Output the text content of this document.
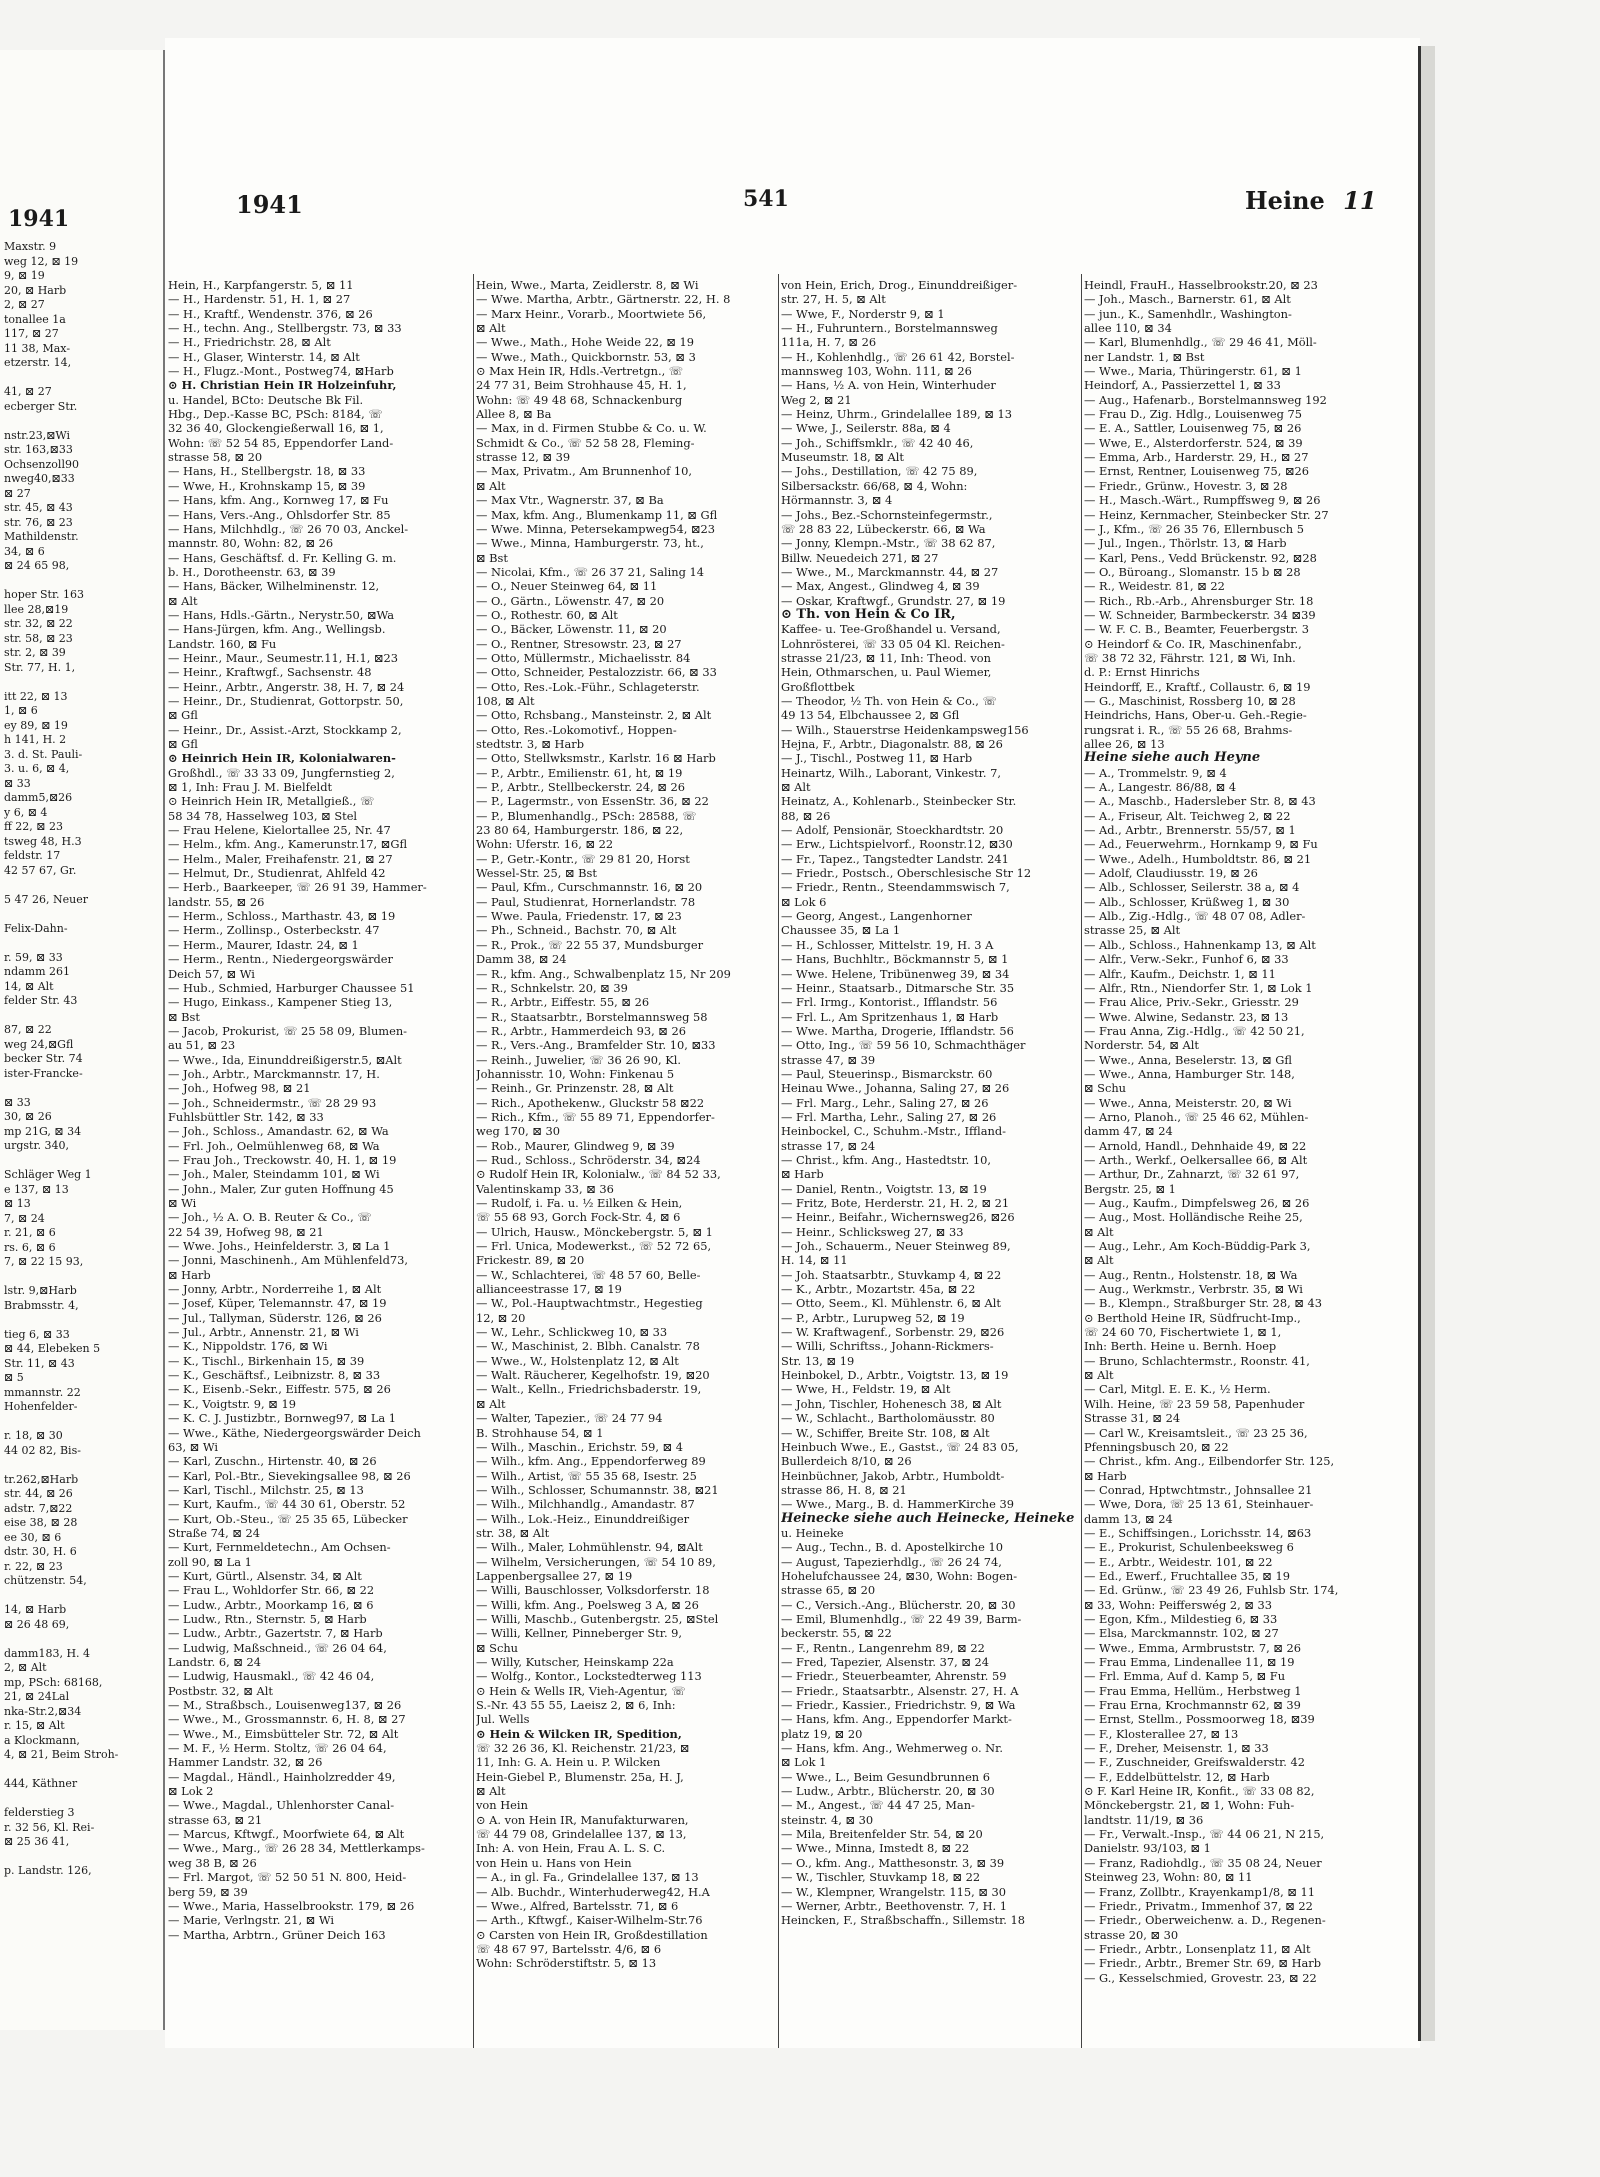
1941
Maxstr. 9
weg 12, ⊠ 19
9, ⊠ 19
20, ⊠ Harb
2, ⊠ 27
tonallee 1a
117, ⊠ 27
11 38, Max-
etzerstr. 14,

41, ⊠ 27
ecberger Str.

nstr.23,⊠Wi
str. 163,⊠33
Ochsenzoll90
nweg40,⊠33
⊠ 27
str. 45, ⊠ 43
str. 76, ⊠ 23
Mathildenstr.
34, ⊠ 6
⊠ 24 65 98,

hoper Str. 163
llee 28,⊠19
str. 32, ⊠ 22
str. 58, ⊠ 23
str. 2, ⊠ 39
Str. 77, H. 1,

itt 22, ⊠ 13
1, ⊠ 6
ey 89, ⊠ 19
h 141, H. 2
3. d. St. Pauli-
3. u. 6, ⊠ 4,
⊠ 33
damm5,⊠26
y 6, ⊠ 4
ff 22, ⊠ 23
tsweg 48, H.3
feldstr. 17
42 57 67, Gr.

5 47 26, Neuer

Felix-Dahn-

r. 59, ⊠ 33
ndamm 261
14, ⊠ Alt
felder Str. 43

87, ⊠ 22
weg 24,⊠Gfl
becker Str. 74
ister-Francke-

⊠ 33
30, ⊠ 26
mp 21G, ⊠ 34
urgstr. 340,

Schläger Weg 1
e 137, ⊠ 13
⊠ 13
7, ⊠ 24
r. 21, ⊠ 6
rs. 6, ⊠ 6
7, ⊠ 22 15 93,

lstr. 9,⊠Harb
Brabmsstr. 4,

tieg 6, ⊠ 33
⊠ 44, Elebeken 5
Str. 11, ⊠ 43
⊠ 5
mmannstr. 22
Hohenfelder-

r. 18, ⊠ 30
44 02 82, Bis-

tr.262,⊠Harb
str. 44, ⊠ 26
adstr. 7,⊠22
eise 38, ⊠ 28
ee 30, ⊠ 6
dstr. 30, H. 6
r. 22, ⊠ 23
chützenstr. 54,

14, ⊠ Harb
⊠ 26 48 69,

damm183, H. 4
2, ⊠ Alt
mp, PSch: 68168,
21, ⊠ 24Lal
nka-Str.2,⊠34
r. 15, ⊠ Alt
a Klockmann,
4, ⊠ 21, Beim Stroh-

444, Käthner

felderstieg 3
r. 32 56, Kl. Rei-
⊠ 25 36 41,

p. Landstr. 126,
1941	541	Heine 11
Hein, H., Karpfangerstr. 5, ⊠ 11
— H., Hardenstr. 51, H. 1, ⊠ 27
— H., Kraftf., Wendenstr. 376, ⊠ 26
— H., techn. Ang., Stellbergstr. 73, ⊠ 33
— H., Friedrichstr. 28, ⊠ Alt
— H., Glaser, Winterstr. 14, ⊠ Alt
— H., Flugz.-Mont., Postweg74, ⊠Harb
⊙ H. Christian Hein IR Holzeinfuhr,
u. Handel, BCto: Deutsche Bk Fil.
Hbg., Dep.-Kasse BC, PSch: 8184, ☏
32 36 40, Glockengießerwall 16, ⊠ 1,
Wohn: ☏ 52 54 85, Eppendorfer Land-
strasse 58, ⊠ 20
— Hans, H., Stellbergstr. 18, ⊠ 33
— Wwe, H., Krohnskamp 15, ⊠ 39
— Hans, kfm. Ang., Kornweg 17, ⊠ Fu
— Hans, Vers.-Ang., Ohlsdorfer Str. 85
— Hans, Milchhdlg., ☏ 26 70 03, Anckel-
mannstr. 80, Wohn: 82, ⊠ 26
— Hans, Geschäftsf. d. Fr. Kelling G. m.
b. H., Dorotheenstr. 63, ⊠ 39
— Hans, Bäcker, Wilhelminenstr. 12,
⊠ Alt
— Hans, Hdls.-Gärtn., Nerystr.50, ⊠Wa
— Hans-Jürgen, kfm. Ang., Wellingsb.
Landstr. 160, ⊠ Fu
— Heinr., Maur., Seumestr.11, H.1, ⊠23
— Heinr., Kraftwgf., Sachsenstr. 48
— Heinr., Arbtr., Angerstr. 38, H. 7, ⊠ 24
— Heinr., Dr., Studienrat, Gottorpstr. 50,
⊠ Gfl
— Heinr., Dr., Assist.-Arzt, Stockkamp 2,
⊠ Gfl
⊙ Heinrich Hein IR, Kolonialwaren-
Großhdl., ☏ 33 33 09, Jungfernstieg 2,
⊠ 1, Inh: Frau J. M. Bielfeldt
⊙ Heinrich Hein IR, Metallgieß., ☏
58 34 78, Hasselweg 103, ⊠ Stel
— Frau Helene, Kielortallee 25, Nr. 47
— Helm., kfm. Ang., Kamerunstr.17, ⊠Gfl
— Helm., Maler, Freihafenstr. 21, ⊠ 27
— Helmut, Dr., Studienrat, Ahlfeld 42
— Herb., Baarkeeper, ☏ 26 91 39, Hammer-
landstr. 55, ⊠ 26
— Herm., Schloss., Marthastr. 43, ⊠ 19
— Herm., Zollinsp., Osterbeckstr. 47
— Herm., Maurer, Idastr. 24, ⊠ 1
— Herm., Rentn., Niedergeorgswärder
Deich 57, ⊠ Wi
— Hub., Schmied, Harburger Chaussee 51
— Hugo, Einkass., Kampener Stieg 13,
⊠ Bst
— Jacob, Prokurist, ☏ 25 58 09, Blumen-
au 51, ⊠ 23
— Wwe., Ida, Einunddreißigerstr.5, ⊠Alt
— Joh., Arbtr., Marckmannstr. 17, H.
— Joh., Hofweg 98, ⊠ 21
— Joh., Schneidermstr., ☏ 28 29 93
Fuhlsbüttler Str. 142, ⊠ 33
— Joh., Schloss., Amandastr. 62, ⊠ Wa
— Frl. Joh., Oelmühlenweg 68, ⊠ Wa
— Frau Joh., Treckowstr. 40, H. 1, ⊠ 19
— Joh., Maler, Steindamm 101, ⊠ Wi
— John., Maler, Zur guten Hoffnung 45
⊠ Wi
— Joh., ½ A. O. B. Reuter & Co., ☏
22 54 39, Hofweg 98, ⊠ 21
— Wwe. Johs., Heinfelderstr. 3, ⊠ La 1
— Jonni, Maschinenh., Am Mühlenfeld73,
⊠ Harb
— Jonny, Arbtr., Norderreihe 1, ⊠ Alt
— Josef, Küper, Telemannstr. 47, ⊠ 19
— Jul., Tallyman, Süderstr. 126, ⊠ 26
— Jul., Arbtr., Annenstr. 21, ⊠ Wi
— K., Nippoldstr. 176, ⊠ Wi
— K., Tischl., Birkenhain 15, ⊠ 39
— K., Geschäftsf., Leibnizstr. 8, ⊠ 33
— K., Eisenb.-Sekr., Eiffestr. 575, ⊠ 26
— K., Voigtstr. 9, ⊠ 19
— K. C. J. Justizbtr., Bornweg97, ⊠ La 1
— Wwe., Käthe, Niedergeorgswärder Deich
63, ⊠ Wi
— Karl, Zuschn., Hirtenstr. 40, ⊠ 26
— Karl, Pol.-Btr., Sievekingsallee 98, ⊠ 26
— Karl, Tischl., Milchstr. 25, ⊠ 13
— Kurt, Kaufm., ☏ 44 30 61, Oberstr. 52
— Kurt, Ob.-Steu., ☏ 25 35 65, Lübecker
Straße 74, ⊠ 24
— Kurt, Fernmeldetechn., Am Ochsen-
zoll 90, ⊠ La 1
— Kurt, Gürtl., Alsenstr. 34, ⊠ Alt
— Frau L., Wohldorfer Str. 66, ⊠ 22
— Ludw., Arbtr., Moorkamp 16, ⊠ 6
— Ludw., Rtn., Sternstr. 5, ⊠ Harb
— Ludw., Arbtr., Gazertstr. 7, ⊠ Harb
— Ludwig, Maßschneid., ☏ 26 04 64,
Landstr. 6, ⊠ 24
— Ludwig, Hausmakl., ☏ 42 46 04,
Postbstr. 32, ⊠ Alt
— M., Straßbsch., Louisenweg137, ⊠ 26
— Wwe., M., Grossmannstr. 6, H. 8, ⊠ 27
— Wwe., M., Eimsbütteler Str. 72, ⊠ Alt
— M. F., ½ Herm. Stoltz, ☏ 26 04 64,
Hammer Landstr. 32, ⊠ 26
— Magdal., Händl., Hainholzredder 49,
⊠ Lok 2
— Wwe., Magdal., Uhlenhorster Canal-
strasse 63, ⊠ 21
— Marcus, Kftwgf., Moorfwiete 64, ⊠ Alt
— Wwe., Marg., ☏ 26 28 34, Mettlerkamps-
weg 38 B, ⊠ 26
— Frl. Margot, ☏ 52 50 51 N. 800, Heid-
berg 59, ⊠ 39
— Wwe., Maria, Hasselbrookstr. 179, ⊠ 26
— Marie, Verlngstr. 21, ⊠ Wi
— Martha, Arbtrn., Grüner Deich 163
Hein, Wwe., Marta, Zeidlerstr. 8, ⊠ Wi
— Wwe. Martha, Arbtr., Gärtnerstr. 22, H. 8
— Marx Heinr., Vorarb., Moortwiete 56,
⊠ Alt
— Wwe., Math., Hohe Weide 22, ⊠ 19
— Wwe., Math., Quickbornstr. 53, ⊠ 3
⊙ Max Hein IR, Hdls.-Vertretgn., ☏
24 77 31, Beim Strohhause 45, H. 1,
Wohn: ☏ 49 48 68, Schnackenburg
Allee 8, ⊠ Ba
— Max, in d. Firmen Stubbe & Co. u. W.
Schmidt & Co., ☏ 52 58 28, Fleming-
strasse 12, ⊠ 39
— Max, Privatm., Am Brunnenhof 10,
⊠ Alt
— Max Vtr., Wagnerstr. 37, ⊠ Ba
— Max, kfm. Ang., Blumenkamp 11, ⊠ Gfl
— Wwe. Minna, Petersekampweg54, ⊠23
— Wwe., Minna, Hamburgerstr. 73, ht.,
⊠ Bst
— Nicolai, Kfm., ☏ 26 37 21, Saling 14
— O., Neuer Steinweg 64, ⊠ 11
— O., Gärtn., Löwenstr. 47, ⊠ 20
— O., Rothestr. 60, ⊠ Alt
— O., Bäcker, Löwenstr. 11, ⊠ 20
— O., Rentner, Stresowstr. 23, ⊠ 27
— Otto, Müllermstr., Michaelisstr. 84
— Otto, Schneider, Pestalozzistr. 66, ⊠ 33
— Otto, Res.-Lok.-Führ., Schlageterstr.
108, ⊠ Alt
— Otto, Rchsbang., Mansteinstr. 2, ⊠ Alt
— Otto, Res.-Lokomotivf., Hoppen-
stedtstr. 3, ⊠ Harb
— Otto, Stellwksmstr., Karlstr. 16 ⊠ Harb
— P., Arbtr., Emilienstr. 61, ht, ⊠ 19
— P., Arbtr., Stellbeckerstr. 24, ⊠ 26
— P., Lagermstr., von EssenStr. 36, ⊠ 22
— P., Blumenhandlg., PSch: 28588, ☏
23 80 64, Hamburgerstr. 186, ⊠ 22,
Wohn: Uferstr. 16, ⊠ 22
— P., Getr.-Kontr., ☏ 29 81 20, Horst
Wessel-Str. 25, ⊠ Bst
— Paul, Kfm., Curschmannstr. 16, ⊠ 20
— Paul, Studienrat, Hornerlandstr. 78
— Wwe. Paula, Friedenstr. 17, ⊠ 23
— Ph., Schneid., Bachstr. 70, ⊠ Alt
— R., Prok., ☏ 22 55 37, Mundsburger
Damm 38, ⊠ 24
— R., kfm. Ang., Schwalbenplatz 15, Nr 209
— R., Schnkelstr. 20, ⊠ 39
— R., Arbtr., Eiffestr. 55, ⊠ 26
— R., Staatsarbtr., Borstelmannsweg 58
— R., Arbtr., Hammerdeich 93, ⊠ 26
— R., Vers.-Ang., Bramfelder Str. 10, ⊠33
— Reinh., Juwelier, ☏ 36 26 90, Kl.
Johannisstr. 10, Wohn: Finkenau 5
— Reinh., Gr. Prinzenstr. 28, ⊠ Alt
— Rich., Apothekenw., Gluckstr 58 ⊠22
— Rich., Kfm., ☏ 55 89 71, Eppendorfer-
weg 170, ⊠ 30
— Rob., Maurer, Glindweg 9, ⊠ 39
— Rud., Schloss., Schröderstr. 34, ⊠24
⊙ Rudolf Hein IR, Kolonialw., ☏ 84 52 33,
Valentinskamp 33, ⊠ 36
— Rudolf, i. Fa. u. ½ Eilken & Hein,
☏ 55 68 93, Gorch Fock-Str. 4, ⊠ 6
— Ulrich, Hausw., Mönckebergstr. 5, ⊠ 1
— Frl. Unica, Modewerkst., ☏ 52 72 65,
Frickestr. 89, ⊠ 20
— W., Schlachterei, ☏ 48 57 60, Belle-
allianceestrasse 17, ⊠ 19
— W., Pol.-Hauptwachtmstr., Hegestieg
12, ⊠ 20
— W., Lehr., Schlickweg 10, ⊠ 33
— W., Maschinist, 2. Blbh. Canalstr. 78
— Wwe., W., Holstenplatz 12, ⊠ Alt
— Walt. Räucherer, Kegelhofstr. 19, ⊠20
— Walt., Kelln., Friedrichsbaderstr. 19,
⊠ Alt
— Walter, Tapezier., ☏ 24 77 94
B. Strohhause 54, ⊠ 1
— Wilh., Maschin., Erichstr. 59, ⊠ 4
— Wilh., kfm. Ang., Eppendorferweg 89
— Wilh., Artist, ☏ 55 35 68, Isestr. 25
— Wilh., Schlosser, Schumannstr. 38, ⊠21
— Wilh., Milchhandlg., Amandastr. 87
— Wilh., Lok.-Heiz., Einunddreißiger
str. 38, ⊠ Alt
— Wilh., Maler, Lohmühlenstr. 94, ⊠Alt
— Wilhelm, Versicherungen, ☏ 54 10 89,
Lappenbergsallee 27, ⊠ 19
— Willi, Bauschlosser, Volksdorferstr. 18
— Willi, kfm. Ang., Poelsweg 3 A, ⊠ 26
— Willi, Maschb., Gutenbergstr. 25, ⊠Stel
— Willi, Kellner, Pinneberger Str. 9,
⊠ Schu
— Willy, Kutscher, Heinskamp 22a
— Wolfg., Kontor., Lockstedterweg 113
⊙ Hein & Wells IR, Vieh-Agentur, ☏
S.-Nr. 43 55 55, Laeisz 2, ⊠ 6, Inh:
Jul. Wells
⊙ Hein & Wilcken IR, Spedition,
☏ 32 26 36, Kl. Reichenstr. 21/23, ⊠
11, Inh: G. A. Hein u. P. Wilcken
Hein-Giebel P., Blumenstr. 25a, H. J,
⊠ Alt
von Hein
⊙ A. von Hein IR, Manufakturwaren,
☏ 44 79 08, Grindelallee 137, ⊠ 13,
Inh: A. von Hein, Frau A. L. S. C.
von Hein u. Hans von Hein
— A., in gl. Fa., Grindelallee 137, ⊠ 13
— Alb. Buchdr., Winterhuderweg42, H.A
— Wwe., Alfred, Bartelsstr. 71, ⊠ 6
— Arth., Kftwgf., Kaiser-Wilhelm-Str.76
⊙ Carsten von Hein IR, Großdestillation
☏ 48 67 97, Bartelsstr. 4/6, ⊠ 6
Wohn: Schröderstiftstr. 5, ⊠ 13
von Hein, Erich, Drog., Einunddreißiger-
str. 27, H. 5, ⊠ Alt
— Wwe, F., Norderstr 9, ⊠ 1
— H., Fuhruntern., Borstelmannsweg
111a, H. 7, ⊠ 26
— H., Kohlenhdlg., ☏ 26 61 42, Borstel-
mannsweg 103, Wohn. 111, ⊠ 26
— Hans, ½ A. von Hein, Winterhuder
Weg 2, ⊠ 21
— Heinz, Uhrm., Grindelallee 189, ⊠ 13
— Wwe, J., Seilerstr. 88a, ⊠ 4
— Joh., Schiffsmklr., ☏ 42 40 46,
Museumstr. 18, ⊠ Alt
— Johs., Destillation, ☏ 42 75 89,
Silbersackstr. 66/68, ⊠ 4, Wohn:
Hörmannstr. 3, ⊠ 4
— Johs., Bez.-Schornsteinfegermstr.,
☏ 28 83 22, Lübeckerstr. 66, ⊠ Wa
— Jonny, Klempn.-Mstr., ☏ 38 62 87,
Billw. Neuedeich 271, ⊠ 27
— Wwe., M., Marckmannstr. 44, ⊠ 27
— Max, Angest., Glindweg 4, ⊠ 39
— Oskar, Kraftwgf., Grundstr. 27, ⊠ 19
⊙ Th. von Hein & Co IR,
Kaffee- u. Tee-Großhandel u. Versand,
Lohnrösterei, ☏ 33 05 04 Kl. Reichen-
strasse 21/23, ⊠ 11, Inh: Theod. von
Hein, Othmarschen, u. Paul Wiemer,
Großflottbek
— Theodor, ½ Th. von Hein & Co., ☏
49 13 54, Elbchaussee 2, ⊠ Gfl
— Wilh., Stauerstrse Heidenkampsweg156
Hejna, F., Arbtr., Diagonalstr. 88, ⊠ 26
— J., Tischl., Postweg 11, ⊠ Harb
Heinartz, Wilh., Laborant, Vinkestr. 7,
⊠ Alt
Heinatz, A., Kohlenarb., Steinbecker Str.
88, ⊠ 26
— Adolf, Pensionär, Stoeckhardtstr. 20
— Erw., Lichtspielvorf., Roonstr.12, ⊠30
— Fr., Tapez., Tangstedter Landstr. 241
— Friedr., Postsch., Oberschlesische Str 12
— Friedr., Rentn., Steendammswisch 7,
⊠ Lok 6
— Georg, Angest., Langenhorner
Chaussee 35, ⊠ La 1
— H., Schlosser, Mittelstr. 19, H. 3 A
— Hans, Buchhltr., Böckmannstr 5, ⊠ 1
— Wwe. Helene, Tribünenweg 39, ⊠ 34
— Heinr., Staatsarb., Ditmarsche Str. 35
— Frl. Irmg., Kontorist., Ifflandstr. 56
— Frl. L., Am Spritzenhaus 1, ⊠ Harb
— Wwe. Martha, Drogerie, Ifflandstr. 56
— Otto, Ing., ☏ 59 56 10, Schmachthäger
strasse 47, ⊠ 39
— Paul, Steuerinsp., Bismarckstr. 60
Heinau Wwe., Johanna, Saling 27, ⊠ 26
— Frl. Marg., Lehr., Saling 27, ⊠ 26
— Frl. Martha, Lehr., Saling 27, ⊠ 26
Heinbockel, C., Schuhm.-Mstr., Iffland-
strasse 17, ⊠ 24
— Christ., kfm. Ang., Hastedtstr. 10,
⊠ Harb
— Daniel, Rentn., Voigtstr. 13, ⊠ 19
— Fritz, Bote, Herderstr. 21, H. 2, ⊠ 21
— Heinr., Beifahr., Wichernsweg26, ⊠26
— Heinr., Schlicksweg 27, ⊠ 33
— Joh., Schauerm., Neuer Steinweg 89,
H. 14, ⊠ 11
— Joh. Staatsarbtr., Stuvkamp 4, ⊠ 22
— K., Arbtr., Mozartstr. 45a, ⊠ 22
— Otto, Seem., Kl. Mühlenstr. 6, ⊠ Alt
— P., Arbtr., Lurupweg 52, ⊠ 19
— W. Kraftwagenf., Sorbenstr. 29, ⊠26
— Willi, Schriftss., Johann-Rickmers-
Str. 13, ⊠ 19
Heinbokel, D., Arbtr., Voigtstr. 13, ⊠ 19
— Wwe, H., Feldstr. 19, ⊠ Alt
— John, Tischler, Hohenesch 38, ⊠ Alt
— W., Schlacht., Bartholomäusstr. 80
— W., Schiffer, Breite Str. 108, ⊠ Alt
Heinbuch Wwe., E., Gastst., ☏ 24 83 05,
Bullerdeich 8/10, ⊠ 26
Heinbüchner, Jakob, Arbtr., Humboldt-
strasse 86, H. 8, ⊠ 21
— Wwe., Marg., B. d. HammerKirche 39
Heinecke siehe auch Heinecke, Heineke
u. Heineke
— Aug., Techn., B. d. Apostelkirche 10
— August, Tapezierhdlg., ☏ 26 24 74,
Hohelufchaussee 24, ⊠30, Wohn: Bogen-
strasse 65, ⊠ 20
— C., Versich.-Ang., Blücherstr. 20, ⊠ 30
— Emil, Blumenhdlg., ☏ 22 49 39, Barm-
beckerstr. 55, ⊠ 22
— F., Rentn., Langenrehm 89, ⊠ 22
— Fred, Tapezier, Alsenstr. 37, ⊠ 24
— Friedr., Steuerbeamter, Ahrenstr. 59
— Friedr., Staatsarbtr., Alsenstr. 27, H. A
— Friedr., Kassier., Friedrichstr. 9, ⊠ Wa
— Hans, kfm. Ang., Eppendorfer Markt-
platz 19, ⊠ 20
— Hans, kfm. Ang., Wehmerweg o. Nr.
⊠ Lok 1
— Wwe., L., Beim Gesundbrunnen 6
— Ludw., Arbtr., Blücherstr. 20, ⊠ 30
— M., Angest., ☏ 44 47 25, Man-
steinstr. 4, ⊠ 30
— Mila, Breitenfelder Str. 54, ⊠ 20
— Wwe., Minna, Imstedt 8, ⊠ 22
— O., kfm. Ang., Matthesonstr. 3, ⊠ 39
— W., Tischler, Stuvkamp 18, ⊠ 22
— W., Klempner, Wrangelstr. 115, ⊠ 30
— Werner, Arbtr., Beethovenstr. 7, H. 1
Heincken, F., Straßbschaffn., Sillemstr. 18
Heindl, FrauH., Hasselbrookstr.20, ⊠ 23
— Joh., Masch., Barnerstr. 61, ⊠ Alt
— jun., K., Samenhdlr., Washington-
allee 110, ⊠ 34
— Karl, Blumenhdlg., ☏ 29 46 41, Möll-
ner Landstr. 1, ⊠ Bst
— Wwe., Maria, Thüringerstr. 61, ⊠ 1
Heindorf, A., Passierzettel 1, ⊠ 33
— Aug., Hafenarb., Borstelmannsweg 192
— Frau D., Zig. Hdlg., Louisenweg 75
— E. A., Sattler, Louisenweg 75, ⊠ 26
— Wwe, E., Alsterdorferstr. 524, ⊠ 39
— Emma, Arb., Harderstr. 29, H., ⊠ 27
— Ernst, Rentner, Louisenweg 75, ⊠26
— Friedr., Grünw., Hovestr. 3, ⊠ 28
— H., Masch.-Wärt., Rumpffsweg 9, ⊠ 26
— Heinz, Kernmacher, Steinbecker Str. 27
— J., Kfm., ☏ 26 35 76, Ellernbusch 5
— Jul., Ingen., Thörlstr. 13, ⊠ Harb
— Karl, Pens., Vedd Brückenstr. 92, ⊠28
— O., Büroang., Slomanstr. 15 b ⊠ 28
— R., Weidestr. 81, ⊠ 22
— Rich., Rb.-Arb., Ahrensburger Str. 18
— W. Schneider, Barmbeckerstr. 34 ⊠39
— W. F. C. B., Beamter, Feuerbergstr. 3
⊙ Heindorf & Co. IR, Maschinenfabr.,
☏ 38 72 32, Fährstr. 121, ⊠ Wi, Inh.
d. P.: Ernst Hinrichs
Heindorff, E., Kraftf., Collaustr. 6, ⊠ 19
— G., Maschinist, Rossberg 10, ⊠ 28
Heindrichs, Hans, Ober-u. Geh.-Regie-
rungsrat i. R., ☏ 55 26 68, Brahms-
allee 26, ⊠ 13
Heine siehe auch Heyne
— A., Trommelstr. 9, ⊠ 4
— A., Langestr. 86/88, ⊠ 4
— A., Maschb., Hadersleber Str. 8, ⊠ 43
— A., Friseur, Alt. Teichweg 2, ⊠ 22
— Ad., Arbtr., Brennerstr. 55/57, ⊠ 1
— Ad., Feuerwehrm., Hornkamp 9, ⊠ Fu
— Wwe., Adelh., Humboldtstr. 86, ⊠ 21
— Adolf, Claudiusstr. 19, ⊠ 26
— Alb., Schlosser, Seilerstr. 38 a, ⊠ 4
— Alb., Schlosser, Krüßweg 1, ⊠ 30
— Alb., Zig.-Hdlg., ☏ 48 07 08, Adler-
strasse 25, ⊠ Alt
— Alb., Schloss., Hahnenkamp 13, ⊠ Alt
— Alfr., Verw.-Sekr., Funhof 6, ⊠ 33
— Alfr., Kaufm., Deichstr. 1, ⊠ 11
— Alfr., Rtn., Niendorfer Str. 1, ⊠ Lok 1
— Frau Alice, Priv.-Sekr., Griesstr. 29
— Wwe. Alwine, Sedanstr. 23, ⊠ 13
— Frau Anna, Zig.-Hdlg., ☏ 42 50 21,
Norderstr. 54, ⊠ Alt
— Wwe., Anna, Beselerstr. 13, ⊠ Gfl
— Wwe., Anna, Hamburger Str. 148,
⊠ Schu
— Wwe., Anna, Meisterstr. 20, ⊠ Wi
— Arno, Planoh., ☏ 25 46 62, Mühlen-
damm 47, ⊠ 24
— Arnold, Handl., Dehnhaide 49, ⊠ 22
— Arth., Werkf., Oelkersallee 66, ⊠ Alt
— Arthur, Dr., Zahnarzt, ☏ 32 61 97,
Bergstr. 25, ⊠ 1
— Aug., Kaufm., Dimpfelsweg 26, ⊠ 26
— Aug., Most. Holländische Reihe 25,
⊠ Alt
— Aug., Lehr., Am Koch-Büddig-Park 3,
⊠ Alt
— Aug., Rentn., Holstenstr. 18, ⊠ Wa
— Aug., Werkmstr., Verbrstr. 35, ⊠ Wi
— B., Klempn., Straßburger Str. 28, ⊠ 43
⊙ Berthold Heine IR, Südfrucht-Imp.,
☏ 24 60 70, Fischertwiete 1, ⊠ 1,
Inh: Berth. Heine u. Bernh. Hoep
— Bruno, Schlachtermstr., Roonstr. 41,
⊠ Alt
— Carl, Mitgl. E. E. K., ½ Herm.
Wilh. Heine, ☏ 23 59 58, Papenhuder
Strasse 31, ⊠ 24
— Carl W., Kreisamtsleit., ☏ 23 25 36,
Pfenningsbusch 20, ⊠ 22
— Christ., kfm. Ang., Eilbendorfer Str. 125,
⊠ Harb
— Conrad, Hptwchtmstr., Johnsallee 21
— Wwe, Dora, ☏ 25 13 61, Steinhauer-
damm 13, ⊠ 24
— E., Schiffsingen., Lorichsstr. 14, ⊠63
— E., Prokurist, Schulenbeeksweg 6
— E., Arbtr., Weidestr. 101, ⊠ 22
— Ed., Ewerf., Fruchtallee 35, ⊠ 19
— Ed. Grünw., ☏ 23 49 26, Fuhlsb Str. 174,
⊠ 33, Wohn: Peifferswég 2, ⊠ 33
— Egon, Kfm., Mildestieg 6, ⊠ 33
— Elsa, Marckmannstr. 102, ⊠ 27
— Wwe., Emma, Armbruststr. 7, ⊠ 26
— Frau Emma, Lindenallee 11, ⊠ 19
— Frl. Emma, Auf d. Kamp 5, ⊠ Fu
— Frau Emma, Hellüm., Herbstweg 1
— Frau Erna, Krochmannstr 62, ⊠ 39
— Ernst, Stellm., Possmoorweg 18, ⊠39
— F., Klosterallee 27, ⊠ 13
— F., Dreher, Meisenstr. 1, ⊠ 33
— F., Zuschneider, Greifswalderstr. 42
— F., Eddelbüttelstr. 12, ⊠ Harb
⊙ F. Karl Heine IR, Konfit., ☏ 33 08 82,
Mönckebergstr. 21, ⊠ 1, Wohn: Fuh-
landtstr. 11/19, ⊠ 36
— Fr., Verwalt.-Insp., ☏ 44 06 21, N 215,
Danielstr. 93/103, ⊠ 1
— Franz, Radiohdlg., ☏ 35 08 24, Neuer
Steinweg 23, Wohn: 80, ⊠ 11
— Franz, Zollbtr., Krayenkamp1/8, ⊠ 11
— Friedr., Privatm., Immenhof 37, ⊠ 22
— Friedr., Oberweichenw. a. D., Regenen-
strasse 20, ⊠ 30
— Friedr., Arbtr., Lonsenplatz 11, ⊠ Alt
— Friedr., Arbtr., Bremer Str. 69, ⊠ Harb
— G., Kesselschmied, Grovestr. 23, ⊠ 22
